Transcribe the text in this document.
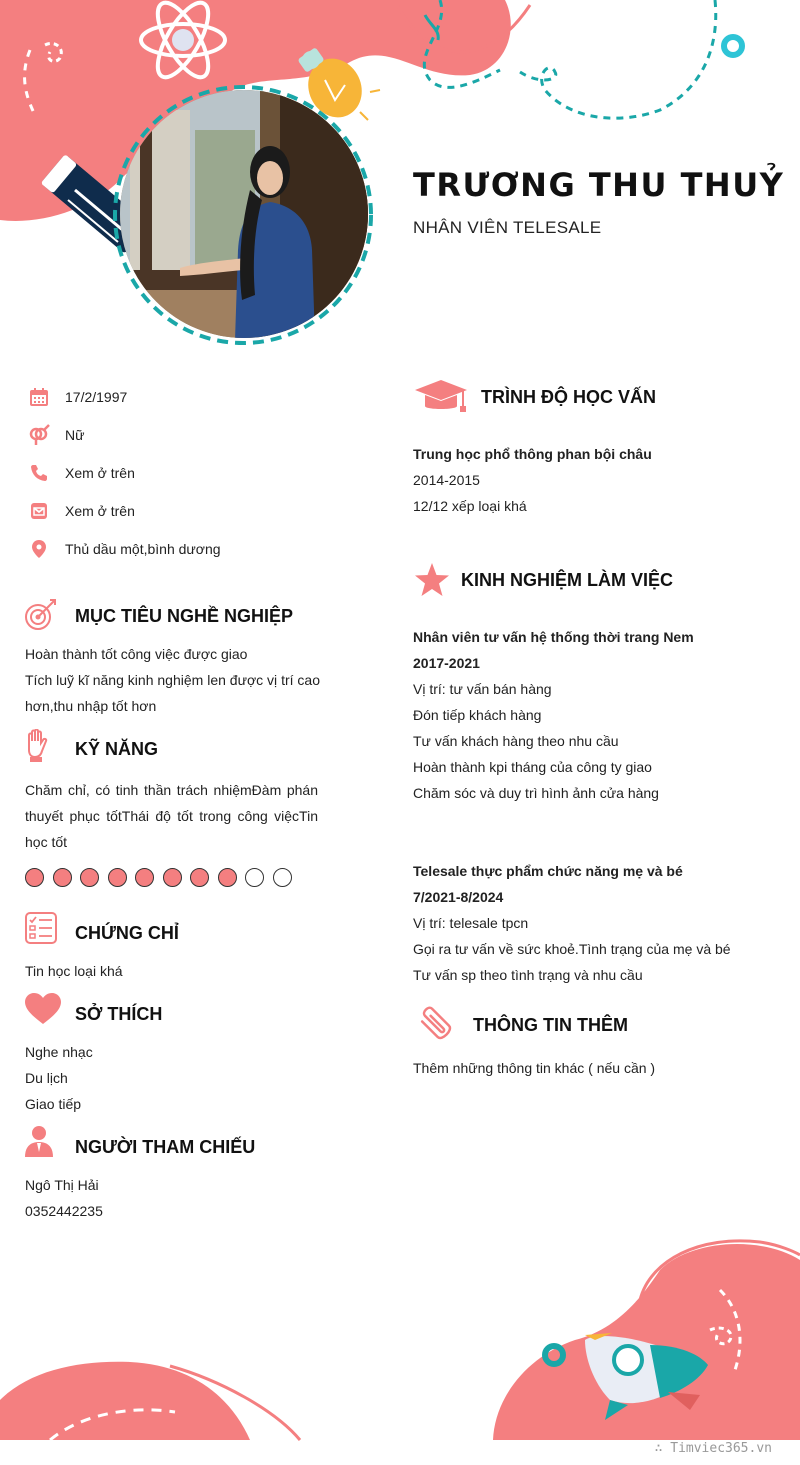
TRƯƠNG THU THUỶ
NHÂN VIÊN TELESALE
17/2/1997
Nữ
Xem ở trên
Xem ở trên
Thủ dầu một,bình dương
MỤC TIÊU NGHỀ NGHIỆP

Hoàn thành tốt công việc được giao

Tích luỹ kĩ năng kinh nghiệm len được vị trí cao hơn,thu nhập tốt hơn

KỸ NĂNG
Chăm chỉ, có tinh thần trách nhiệmĐàm phán thuyết phục tốtThái độ tốt trong công việcTin học tốt
CHỨNG CHỈ
Tin học loại khá
SỞ THÍCH

Nghe nhạc

Du lịch

Giao tiếp

NGƯỜI THAM CHIẾU

Ngô Thị Hải

0352442235

TRÌNH ĐỘ HỌC VẤN

Trung học phổ thông phan bội châu

2014-2015

12/12 xếp loại khá

KINH NGHIỆM LÀM VIỆC

Nhân viên tư vấn hệ thống thời trang Nem

2017-2021

Vị trí: tư vấn bán hàng

Đón tiếp khách hàng

Tư vấn khách hàng theo nhu cầu

Hoàn thành kpi tháng của công ty giao

Chăm sóc và duy trì hình ảnh cửa hàng

Telesale thực phẩm chức năng mẹ và bé

7/2021-8/2024

Vị trí: telesale tpcn

Gọi ra tư vấn về sức khoẻ.Tình trạng của mẹ và bé

Tư vấn sp theo tình trạng và nhu cầu

THÔNG TIN THÊM
Thêm những thông tin khác ( nếu cần )
∴ Timviec365.vn
